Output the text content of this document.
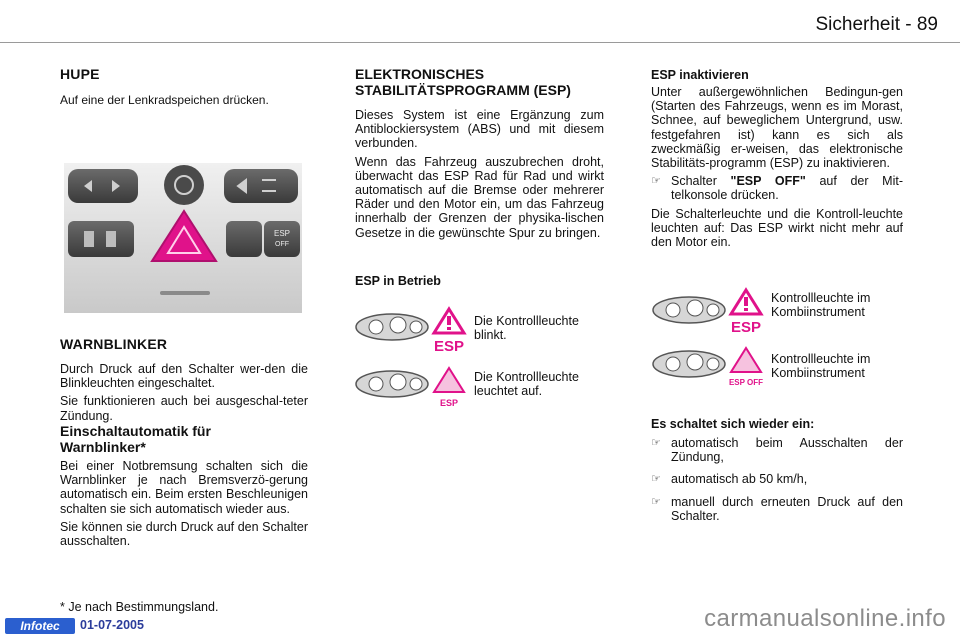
Sicherheit - 89
HUPE
Auf eine der Lenkradspeichen drücken.
ESP
OFF
WARNBLINKER

Durch Druck auf den Schalter wer-den die Blinkleuchten eingeschaltet.

Sie funktionieren auch bei ausgeschal-teter Zündung.

Einschaltautomatik für Warnblinker*

Bei einer Notbremsung schalten sich die Warnblinker je nach Bremsverzö-gerung automatisch ein. Beim ersten Beschleunigen schalten sie sich automatisch wieder aus.

Sie können sie durch Druck auf den Schalter ausschalten.

* Je nach Bestimmungsland.
ELEKTRONISCHES STABILITÄTSPROGRAMM (ESP)

Dieses System ist eine Ergänzung zum Antiblockiersystem (ABS) und mit diesem verbunden.

Wenn das Fahrzeug auszubrechen droht, überwacht das ESP Rad für Rad und wirkt automatisch auf die Bremse oder mehrerer Räder und den Motor ein, um das Fahrzeug innerhalb der Grenzen der physika-lischen Gesetze in die gewünschte Spur zu bringen.

ESP in Betrieb
ESP
Die Kontrollleuchte blinkt.
ESP
Die Kontrollleuchte leuchtet auf.
ESP inaktivieren

Unter außergewöhnlichen Bedingun-gen (Starten des Fahrzeugs, wenn es im Morast, Schnee, auf beweglichem Untergrund, usw. festgefahren ist) kann es sich als zweckmäßig er-weisen, das elektronische Stabilitäts-programm (ESP) zu inaktivieren.

☞ Schalter "ESP OFF" auf der Mit-telkonsole drücken.

Die Schalterleuchte und die Kontroll-leuchte leuchten auf: Das ESP wirkt nicht mehr auf den Motor ein.

ESP
Kontrollleuchte im Kombiinstrument
ESP OFF
Kontrollleuchte im Kombiinstrument
Es schaltet sich wieder ein:
☞ automatisch beim Ausschalten der Zündung,
☞ automatisch ab 50 km/h,
☞ manuell durch erneuten Druck auf den Schalter.
Infotec	01-07-2005	carmanualsonline.info
